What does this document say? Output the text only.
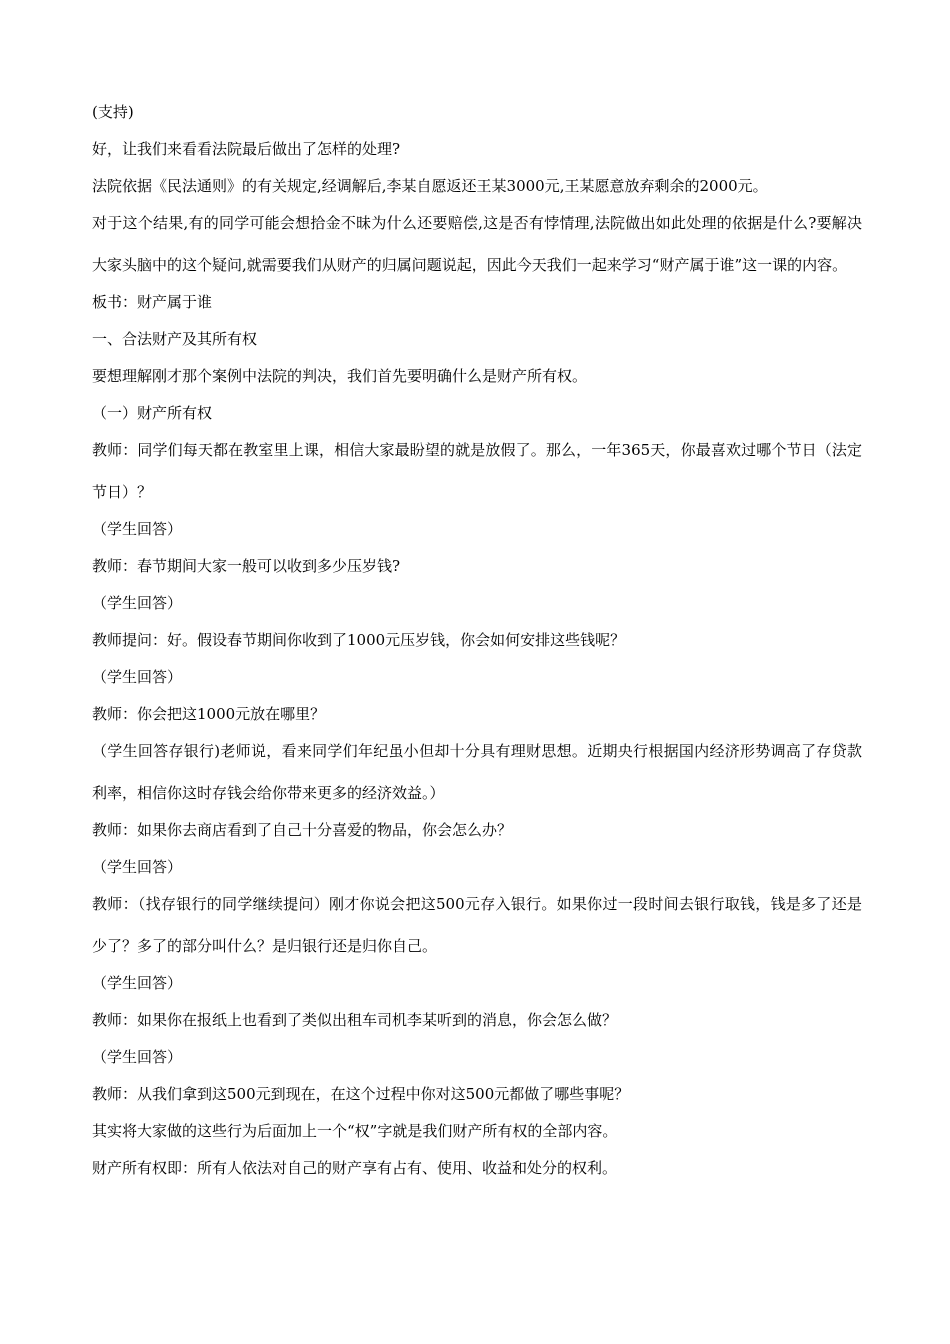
(支持)

好，让我们来看看法院最后做出了怎样的处理?

法院依据《民法通则》的有关规定,经调解后,李某自愿返还王某3000元,王某愿意放弃剩余的2000元。

对于这个结果,有的同学可能会想拾金不昧为什么还要赔偿,这是否有悖情理,法院做出如此处理的依据是什么?要解决大家头脑中的这个疑问,就需要我们从财产的归属问题说起，因此今天我们一起来学习“财产属于谁”这一课的内容。

板书：财产属于谁

一、合法财产及其所有权

要想理解刚才那个案例中法院的判决，我们首先要明确什么是财产所有权。

（一）财产所有权

教师：同学们每天都在教室里上课，相信大家最盼望的就是放假了。那么，一年365天，你最喜欢过哪个节日（法定节日）？

（学生回答）

教师：春节期间大家一般可以收到多少压岁钱?

（学生回答）

教师提问：好。假设春节期间你收到了1000元压岁钱，你会如何安排这些钱呢？

（学生回答）

教师：你会把这1000元放在哪里？

（学生回答存银行)老师说，看来同学们年纪虽小但却十分具有理财思想。近期央行根据国内经济形势调高了存贷款利率，相信你这时存钱会给你带来更多的经济效益。）

教师：如果你去商店看到了自己十分喜爱的物品，你会怎么办？

（学生回答）

教师：（找存银行的同学继续提问）刚才你说会把这500元存入银行。如果你过一段时间去银行取钱，钱是多了还是少了？多了的部分叫什么？是归银行还是归你自己。

（学生回答）

教师：如果你在报纸上也看到了类似出租车司机李某听到的消息，你会怎么做？

（学生回答）

教师：从我们拿到这500元到现在，在这个过程中你对这500元都做了哪些事呢？

其实将大家做的这些行为后面加上一个“权”字就是我们财产所有权的全部内容。

财产所有权即：所有人依法对自己的财产享有占有、使用、收益和处分的权利。
